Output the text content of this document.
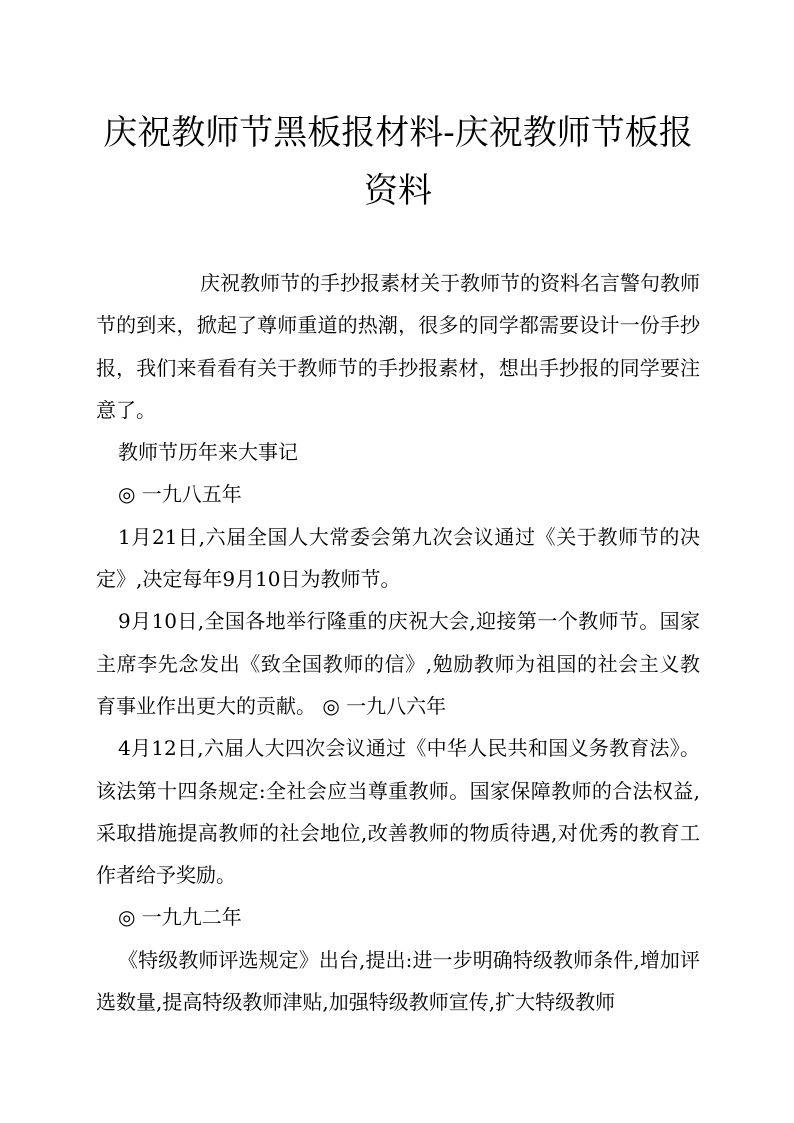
庆祝教师节黑板报材料-庆祝教师节板报资料

庆祝教师节的手抄报素材关于教师节的资料名言警句教师节的到来，掀起了尊师重道的热潮，很多的同学都需要设计一份手抄报，我们来看看有关于教师节的手抄报素材，想出手抄报的同学要注意了。

教师节历年来大事记

◎ 一九八五年

1月21日,六届全国人大常委会第九次会议通过《关于教师节的决定》,决定每年9月10日为教师节。

9月10日,全国各地举行隆重的庆祝大会,迎接第一个教师节。国家主席李先念发出《致全国教师的信》,勉励教师为祖国的社会主义教育事业作出更大的贡献。 ◎ 一九八六年

4月12日,六届人大四次会议通过《中华人民共和国义务教育法》。该法第十四条规定:全社会应当尊重教师。国家保障教师的合法权益,采取措施提高教师的社会地位,改善教师的物质待遇,对优秀的教育工作者给予奖励。

◎ 一九九二年

《特级教师评选规定》出台,提出:进一步明确特级教师条件,增加评选数量,提高特级教师津贴,加强特级教师宣传,扩大特级教师
